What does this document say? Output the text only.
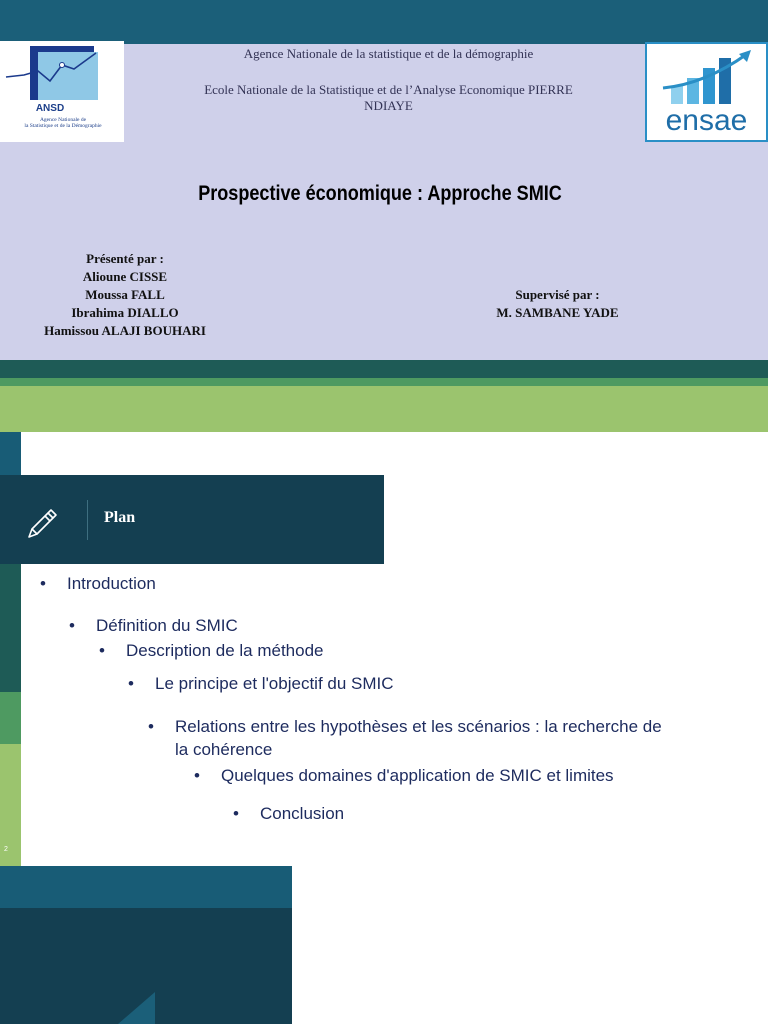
ANSD
Agence Nationale de
la Statistique et de la Démographie	ensae
Agence Nationale de la statistique et de la démographie
Ecole Nationale de la Statistique et de l’Analyse Economique PIERRE
NDIAYE
Prospective économique : Approche SMIC
Présenté par :
Alioune CISSE
Moussa FALL
Ibrahima DIALLO
Hamissou ALAJI BOUHARI
Supervisé par :
M. SAMBANE YADE
2
Plan
• Introduction
• Définition du SMIC
• Description de la méthode
• Le principe et l'objectif du SMIC
• Relations entre les hypothèses et les scénarios : la recherche de
la cohérence
• Quelques domaines d'application de SMIC et limites
• Conclusion
